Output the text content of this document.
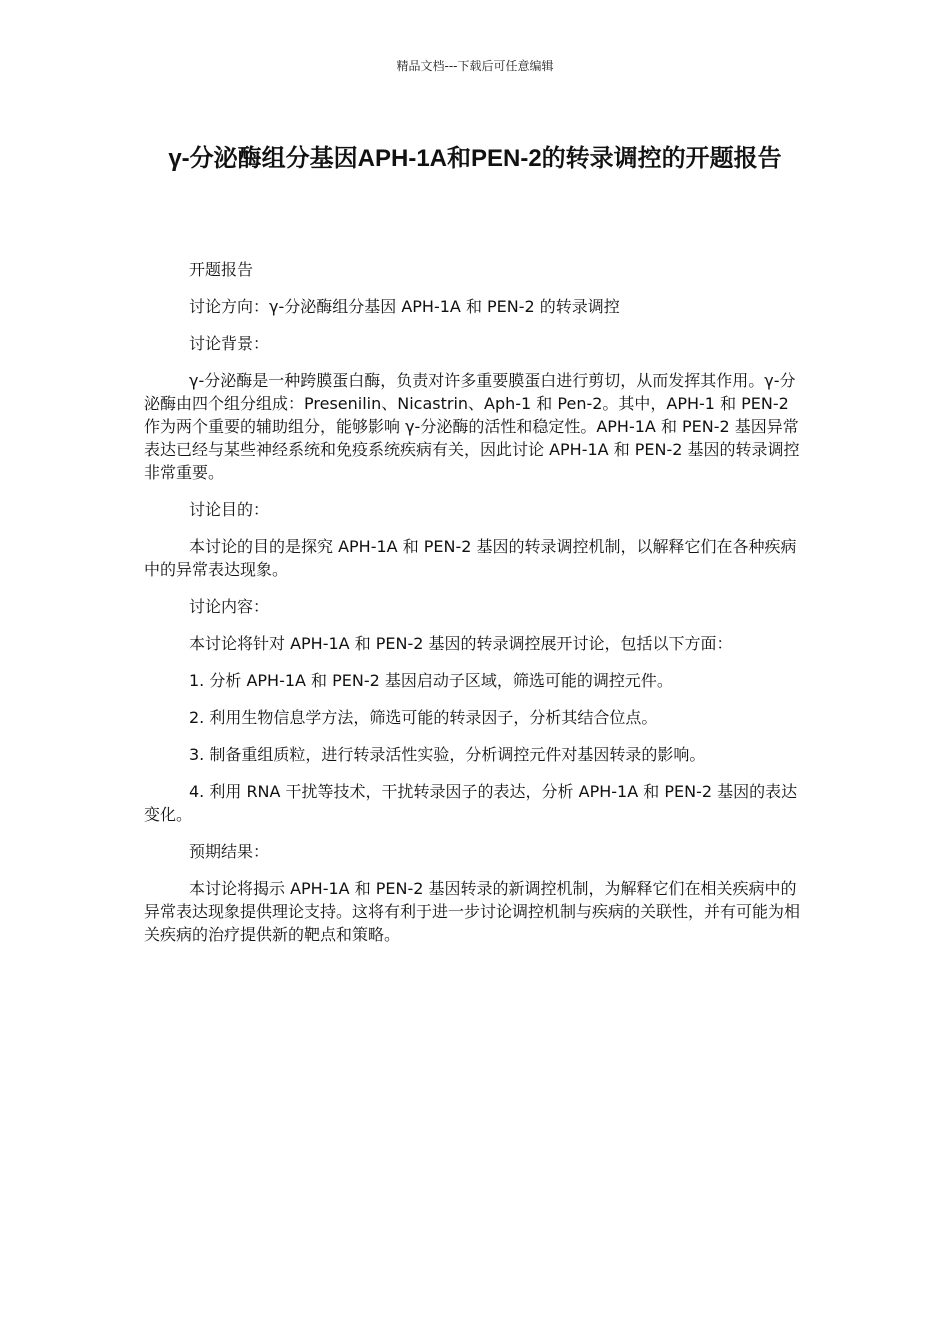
精品文档---下载后可任意编辑
γ-分泌酶组分基因APH-1A和PEN-2的转录调控的开题报告

开题报告

讨论方向：γ-分泌酶组分基因 APH-1A 和 PEN-2 的转录调控

讨论背景：

γ-分泌酶是一种跨膜蛋白酶，负责对许多重要膜蛋白进行剪切，从而发挥其作用。γ-分泌酶由四个组分组成：Presenilin、Nicastrin、Aph-1 和 Pen-2。其中，APH-1 和 PEN-2 作为两个重要的辅助组分，能够影响 γ-分泌酶的活性和稳定性。APH-1A 和 PEN-2 基因异常表达已经与某些神经系统和免疫系统疾病有关，因此讨论 APH-1A 和 PEN-2 基因的转录调控非常重要。

讨论目的：

本讨论的目的是探究 APH-1A 和 PEN-2 基因的转录调控机制，以解释它们在各种疾病中的异常表达现象。

讨论内容：

本讨论将针对 APH-1A 和 PEN-2 基因的转录调控展开讨论，包括以下方面：

1. 分析 APH-1A 和 PEN-2 基因启动子区域，筛选可能的调控元件。

2. 利用生物信息学方法，筛选可能的转录因子，分析其结合位点。

3. 制备重组质粒，进行转录活性实验，分析调控元件对基因转录的影响。

4. 利用 RNA 干扰等技术，干扰转录因子的表达，分析 APH-1A 和 PEN-2 基因的表达变化。

预期结果：

本讨论将揭示 APH-1A 和 PEN-2 基因转录的新调控机制，为解释它们在相关疾病中的异常表达现象提供理论支持。这将有利于进一步讨论调控机制与疾病的关联性，并有可能为相关疾病的治疗提供新的靶点和策略。
